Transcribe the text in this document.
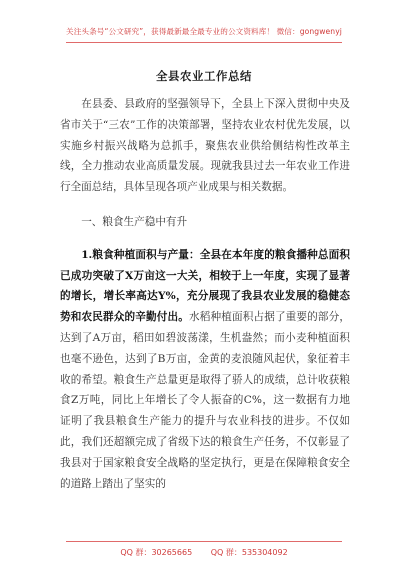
关注头条号“公文研究”，获得最新最全最专业的公文资料库！ 微信：gongwenyj
全县农业工作总结

在县委、县政府的坚强领导下，全县上下深入贯彻中央及省市关于“三农”工作的决策部署，坚持农业农村优先发展，以实施乡村振兴战略为总抓手，聚焦农业供给侧结构性改革主线，全力推动农业高质量发展。现就我县过去一年农业工作进行全面总结，具体呈现各项产业成果与相关数据。

一、粮食生产稳中有升

1.粮食种植面积与产量：全县在本年度的粮食播种总面积已成功突破了X万亩这一大关，相较于上一年度，实现了显著的增长，增长率高达Y%，充分展现了我县农业发展的稳健态势和农民群众的辛勤付出。水稻种植面积占据了重要的部分，达到了A万亩，稻田如碧波荡漾，生机盎然；而小麦种植面积也毫不逊色，达到了B万亩，金黄的麦浪随风起伏，象征着丰收的希望。粮食生产总量更是取得了骄人的成绩，总计收获粮食Z万吨，同比上年增长了令人振奋的C%，这一数据有力地证明了我县粮食生产能力的提升与农业科技的进步。不仅如此，我们还超额完成了省级下达的粮食生产任务，不仅彰显了我县对于国家粮食安全战略的坚定执行，更是在保障粮食安全的道路上踏出了坚实的

QQ 群：30265665 QQ 群：535304092
